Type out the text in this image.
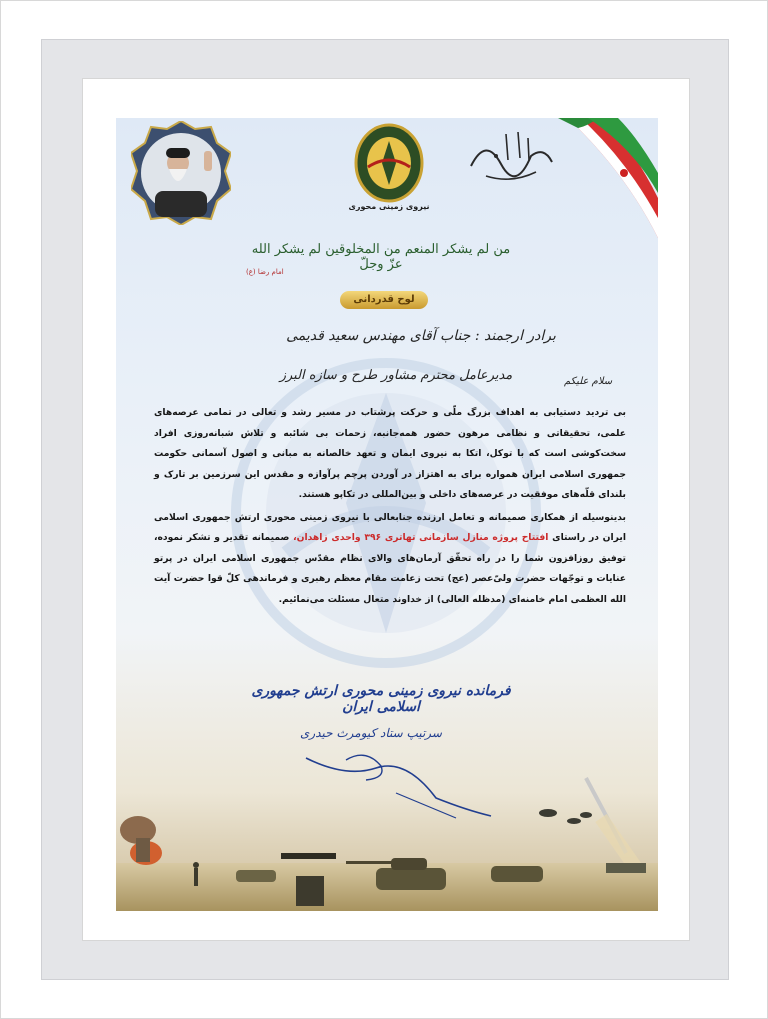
نیروی زمینی محوری
من لم یشکر المنعم من المخلوقین لم یشکر الله عزّ وجلّ
امام رضا (ع)
لوح قدردانی
برادر ارجمند : جناب آقای مهندس سعید قدیمی
مدیرعامل محترم مشاور طرح و سازه البرز	سلام علیکم
بی تردید دستیابی به اهداف بزرگ ملّی و حرکت پرشتاب در مسیر رشد و تعالی در تمامی عرصه‌های علمی، تحقیقاتی و نظامی مرهون حضور همه‌جانبه، زحمات بی شائبه و تلاش شبانه‌روزی افراد سخت‌کوشی است که با توکل، اتکا به نیروی ایمان و تعهد خالصانه به مبانی و اصول آسمانی حکومت جمهوری اسلامی ایران همواره برای به اهتزاز در آوردن پرچم پرآوازه و مقدس این سرزمین بر تارک و بلندای قلّه‌های موفقیت در عرصه‌های داخلی و بین‌المللی در تکاپو هستند.
بدینوسیله از همکاری صمیمانه و تعامل ارزنده جنابعالی با نیروی زمینی محوری ارتش جمهوری اسلامی ایران در راستای افتتاح پروژه منازل سازمانی تهاتری ۳۹۶ واحدی زاهدان، صمیمانه تقدیر و تشکر نموده، توفیق روزافزون شما را در راه تحقّق آرمان‌های والای نظام مقدّس جمهوری اسلامی ایران در پرتو عنایات و توجّهات حضرت ولیّ‌عصر (عج) تحت زعامت مقام معظم رهبری و فرماندهی کلّ قوا حضرت آیت الله العظمی امام خامنه‌ای (مدظله العالی) از خداوند متعال مسئلت می‌نمائیم.
فرمانده نیروی زمینی محوری ارتش جمهوری اسلامی ایران
سرتیپ ستاد کیومرث حیدری
